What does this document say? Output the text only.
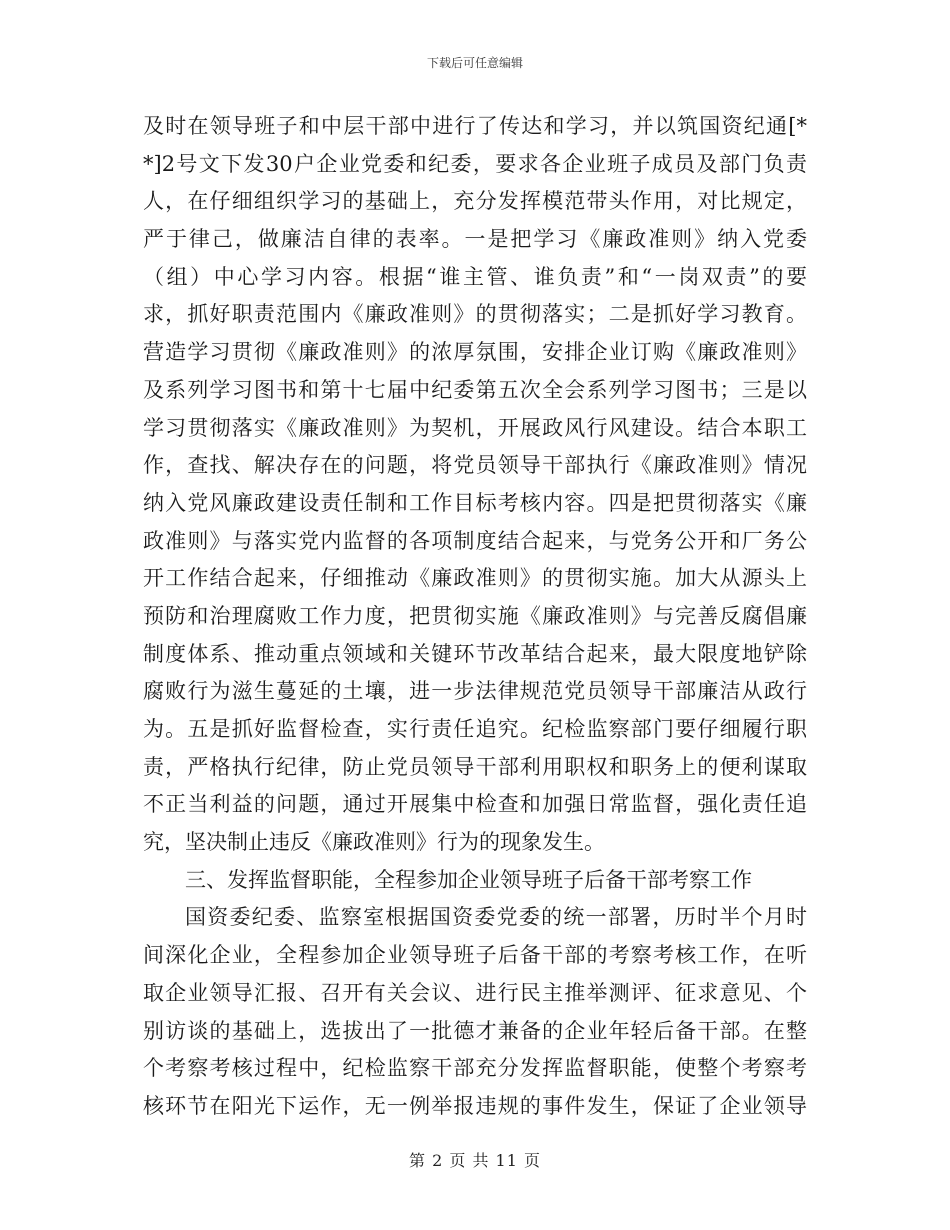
下载后可任意编辑
及时在领导班子和中层干部中进行了传达和学习，并以筑国资纪通[*
*]2号文下发30户企业党委和纪委，要求各企业班子成员及部门负责
人，在仔细组织学习的基础上，充分发挥模范带头作用，对比规定，
严于律己，做廉洁自律的表率。一是把学习《廉政准则》纳入党委
（组）中心学习内容。根据“谁主管、谁负责”和“一岗双责”的要
求，抓好职责范围内《廉政准则》的贯彻落实；二是抓好学习教育。
营造学习贯彻《廉政准则》的浓厚氛围，安排企业订购《廉政准则》
及系列学习图书和第十七届中纪委第五次全会系列学习图书；三是以
学习贯彻落实《廉政准则》为契机，开展政风行风建设。结合本职工
作，查找、解决存在的问题，将党员领导干部执行《廉政准则》情况
纳入党风廉政建设责任制和工作目标考核内容。四是把贯彻落实《廉
政准则》与落实党内监督的各项制度结合起来，与党务公开和厂务公
开工作结合起来，仔细推动《廉政准则》的贯彻实施。加大从源头上
预防和治理腐败工作力度，把贯彻实施《廉政准则》与完善反腐倡廉
制度体系、推动重点领域和关键环节改革结合起来，最大限度地铲除
腐败行为滋生蔓延的土壤，进一步法律规范党员领导干部廉洁从政行
为。五是抓好监督检查，实行责任追究。纪检监察部门要仔细履行职
责，严格执行纪律，防止党员领导干部利用职权和职务上的便利谋取
不正当利益的问题，通过开展集中检查和加强日常监督，强化责任追
究，坚决制止违反《廉政准则》行为的现象发生。
三、发挥监督职能，全程参加企业领导班子后备干部考察工作
国资委纪委、监察室根据国资委党委的统一部署，历时半个月时
间深化企业，全程参加企业领导班子后备干部的考察考核工作，在听
取企业领导汇报、召开有关会议、进行民主推举测评、征求意见、个
别访谈的基础上，选拔出了一批德才兼备的企业年轻后备干部。在整
个考察考核过程中，纪检监察干部充分发挥监督职能，使整个考察考
核环节在阳光下运作，无一例举报违规的事件发生，保证了企业领导
第 2 页 共 11 页
